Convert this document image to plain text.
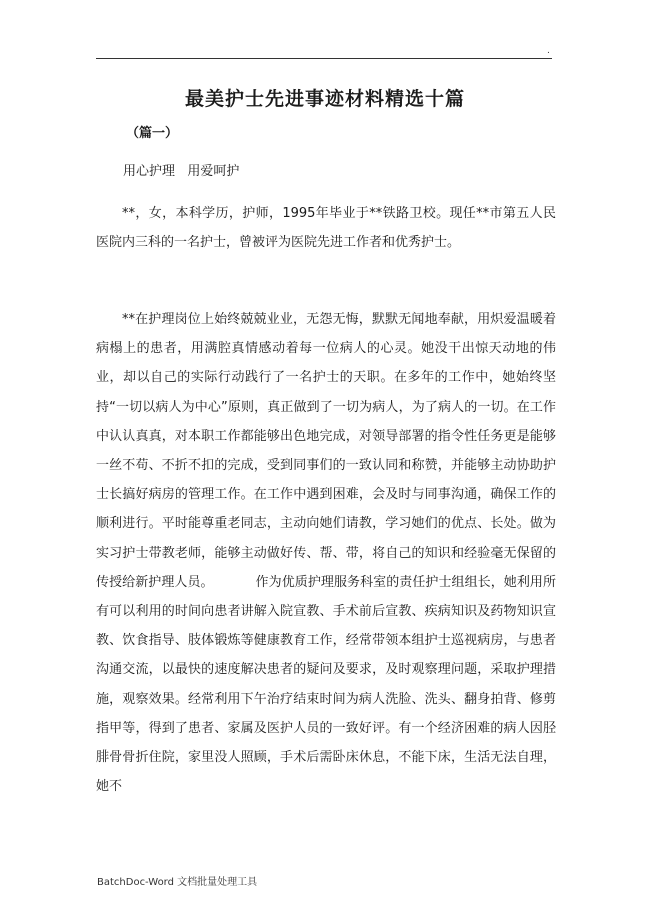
.
最美护士先进事迹材料精选十篇
（篇一）
用心护理   用爱呵护

**，女，本科学历，护师，1995年毕业于**铁路卫校。现任**市第五人民医院内三科的一名护士，曾被评为医院先进工作者和优秀护士。

**在护理岗位上始终兢兢业业，无怨无悔，默默无闻地奉献，用炽爱温暖着病榻上的患者，用满腔真情感动着每一位病人的心灵。她没干出惊天动地的伟业，却以自己的实际行动践行了一名护士的天职。在多年的工作中，她始终坚持“一切以病人为中心”原则，真正做到了一切为病人，为了病人的一切。在工作中认认真真，对本职工作都能够出色地完成，对领导部署的指令性任务更是能够一丝不苟、不折不扣的完成，受到同事们的一致认同和称赞，并能够主动协助护士长搞好病房的管理工作。在工作中遇到困难，会及时与同事沟通，确保工作的顺利进行。平时能尊重老同志，主动向她们请教，学习她们的优点、长处。做为实习护士带教老师，能够主动做好传、帮、带，将自己的知识和经验毫无保留的传授给新护理人员。          作为优质护理服务科室的责任护士组组长，她利用所有可以利用的时间向患者讲解入院宣教、手术前后宣教、疾病知识及药物知识宣教、饮食指导、肢体锻炼等健康教育工作，经常带领本组护士巡视病房，与患者沟通交流，以最快的速度解决患者的疑问及要求，及时观察理问题，采取护理措施，观察效果。经常利用下午治疗结束时间为病人洗脸、洗头、翻身拍背、修剪指甲等，得到了患者、家属及医护人员的一致好评。有一个经济困难的病人因胫腓骨骨折住院，家里没人照顾，手术后需卧床休息，不能下床，生活无法自理，她不

BatchDoc-Word 文档批量处理工具
